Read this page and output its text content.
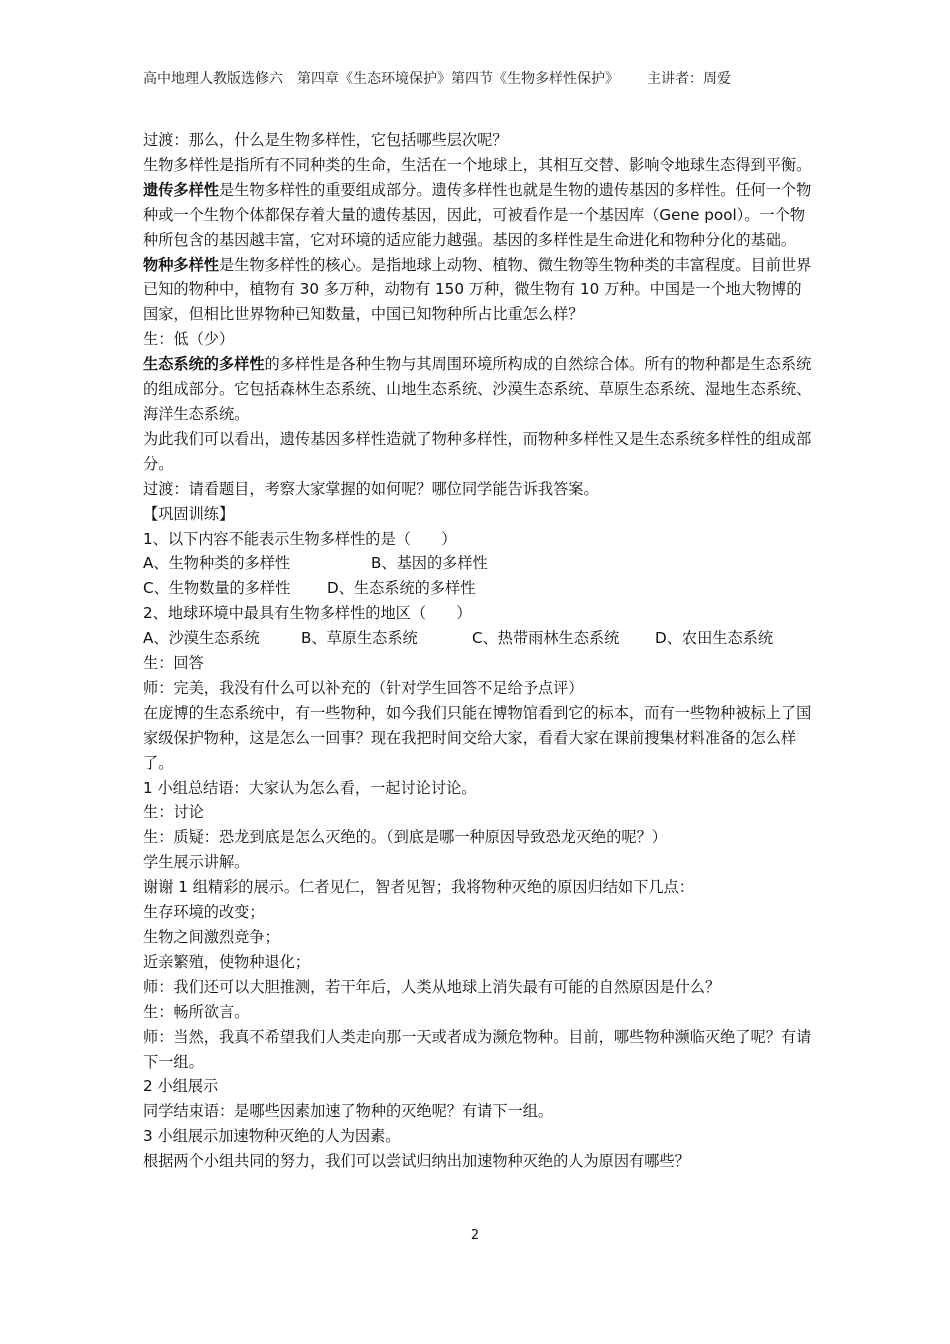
高中地理人教版选修六　第四章《生态环境保护》第四节《生物多样性保护》 主讲者：周爱

过渡：那么，什么是生物多样性，它包括哪些层次呢？

生物多样性是指所有不同种类的生命，生活在一个地球上，其相互交替、影响令地球生态得到平衡。

遗传多样性是生物多样性的重要组成部分。遗传多样性也就是生物的遗传基因的多样性。任何一个物种或一个生物个体都保存着大量的遗传基因，因此，可被看作是一个基因库（Gene pool）。一个物种所包含的基因越丰富，它对环境的适应能力越强。基因的多样性是生命进化和物种分化的基础。

物种多样性是生物多样性的核心。是指地球上动物、植物、微生物等生物种类的丰富程度。目前世界已知的物种中，植物有 30 多万种，动物有 150 万种，微生物有 10 万种。中国是一个地大物博的国家，但相比世界物种已知数量，中国已知物种所占比重怎么样？

生：低（少）

生态系统的多样性的多样性是各种生物与其周围环境所构成的自然综合体。所有的物种都是生态系统的组成部分。它包括森林生态系统、山地生态系统、沙漠生态系统、草原生态系统、湿地生态系统、海洋生态系统。

为此我们可以看出，遗传基因多样性造就了物种多样性，而物种多样性又是生态系统多样性的组成部分。

过渡：请看题目，考察大家掌握的如何呢？哪位同学能告诉我答案。

【巩固训练】

1、以下内容不能表示生物多样性的是（　　）

A、生物种类的多样性	B、基因的多样性

C、生物数量的多样性 D、生态系统的多样性

2、地球环境中最具有生物多样性的地区（　　）

A、沙漠生态系统	B、草原生态系统	C、热带雨林生态系统 D、农田生态系统

生：回答

师：完美，我没有什么可以补充的（针对学生回答不足给予点评）

在庞博的生态系统中，有一些物种，如今我们只能在博物馆看到它的标本，而有一些物种被标上了国家级保护物种，这是怎么一回事？现在我把时间交给大家，看看大家在课前搜集材料准备的怎么样了。

1 小组总结语：大家认为怎么看，一起讨论讨论。

生：讨论

生：质疑：恐龙到底是怎么灭绝的。（到底是哪一种原因导致恐龙灭绝的呢？）

学生展示讲解。

谢谢 1 组精彩的展示。仁者见仁，智者见智；我将物种灭绝的原因归结如下几点：

生存环境的改变；

生物之间激烈竞争；

近亲繁殖，使物种退化；

师：我们还可以大胆推测，若干年后，人类从地球上消失最有可能的自然原因是什么？

生：畅所欲言。

师：当然，我真不希望我们人类走向那一天或者成为濒危物种。目前，哪些物种濒临灭绝了呢？有请下一组。

2 小组展示

同学结束语：是哪些因素加速了物种的灭绝呢？有请下一组。

3 小组展示加速物种灭绝的人为因素。

根据两个小组共同的努力，我们可以尝试归纳出加速物种灭绝的人为原因有哪些？

2
